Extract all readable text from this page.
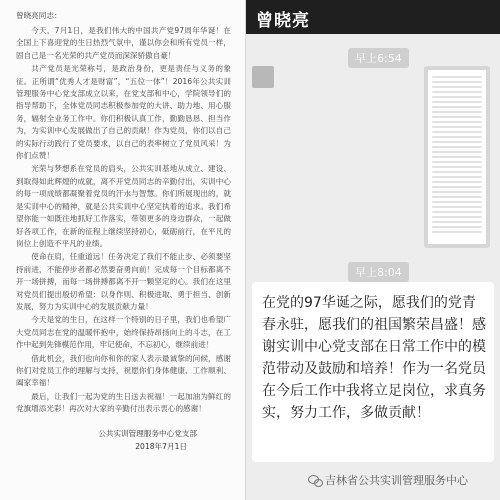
曾晓亮同志：

今天，7月1日，是我们伟大的中国共产党97周年华诞！在全国上下喜迎党的生日热烈气氛中，谨以你会和所有党员一样，固自己是一名光荣的共产党员而深深骄傲自豪！

共产党员是光荣称号，是政治身份，更是责任与义务的象征。正所谓“优秀人才是财富”，“五位一体”！2016年公共实训管理服务中心党支部成立以来，在党支部和中心，学院领导们的指导帮助下，全体党员同志积极参加党的大讲、助力地、用心服务，辐射全业务工作中。你们积极认真工作，勤勤恳恳、担当作为，为实训中心发展做出了自己的贡献！作为党员，你们以自己的实际行动践行了党员要求，以自己的表率树立了党员风采！为你们点赞！

光荣与梦想系在党员的肩头，公共实训基地从成立、建设、到取得如此辉煌的成就，离不开党员同志的辛勤付出，实训中心的每一项成绩都凝聚着党员的汗水与智慧。你们所展现出的，就是实训中心的精神，就是公共实训中心坚定执着的追求。我们希望你能一如既往地抓好工作落实，带领更多的身边群众，一起做好各项工作，在新的征程上继续坚持初心，砥砺前行，在平凡的岗位上创造不平凡的业绩。

使命在肩，任重道远！任务决定了我们不能止步、必须要坚持前进，不能停步者都必然要奋勇向前！完成每一个目标都离不开一场拼搏，而每一场拼搏都离不开一颗坚定的心。我们在这里对党员们提出殷切希望：以身作则、积极进取、勇于担当、创新发展，努力为实训中心的发展贡献力量！

今天是党的生日，在这样一个特别的日子里，我们也希望广大党员同志在党的温暖怀抱中，始终保持昂扬向上的斗志，在工作中起到先锋模范作用，牢记使命，不忘初心，继续前进！

借此机会，我们也向你和你的家人表示最诚挚的问候，感谢你们对党员工作的理解与支持，祝愿你们身体健康、工作顺利、阖家幸福！

最后，让我们一起为党的生日送去祝福！一起加油为鲜红的党旗增添光彩！再次对大家的辛勤付出表示衷心的感谢！

公共实训管理服务中心党支部
2018年7月1日
曾晓亮
早上6:54
早上8:04
在党的97华诞之际，愿我们的党青春永驻，愿我们的祖国繁荣昌盛！感谢实训中心党支部在日常工作中的模范带动及鼓励和培养！作为一名党员在今后工作中我将立足岗位，求真务实，努力工作，多做贡献！
吉林省公共实训管理服务中心
